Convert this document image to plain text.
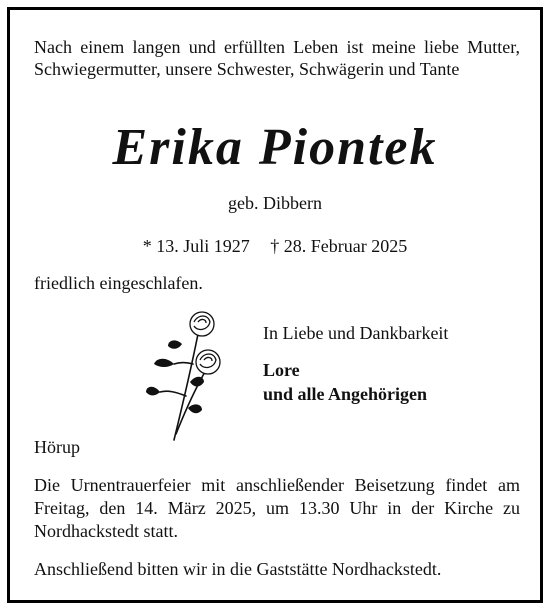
Nach einem langen und erfüllten Leben ist meine liebe Mutter, Schwiegermutter, unsere Schwester, Schwägerin und Tante
Erika Piontek
geb. Dibbern
* 13. Juli 1927 † 28. Februar 2025
friedlich eingeschlafen.
In Liebe und Dankbarkeit
Lore
und alle Angehörigen
Hörup
Die Urnentrauerfeier mit anschließender Beisetzung findet am Freitag, den 14. März 2025, um 13.30 Uhr in der Kirche zu Nordhackstedt statt.
Anschließend bitten wir in die Gaststätte Nordhackstedt.
